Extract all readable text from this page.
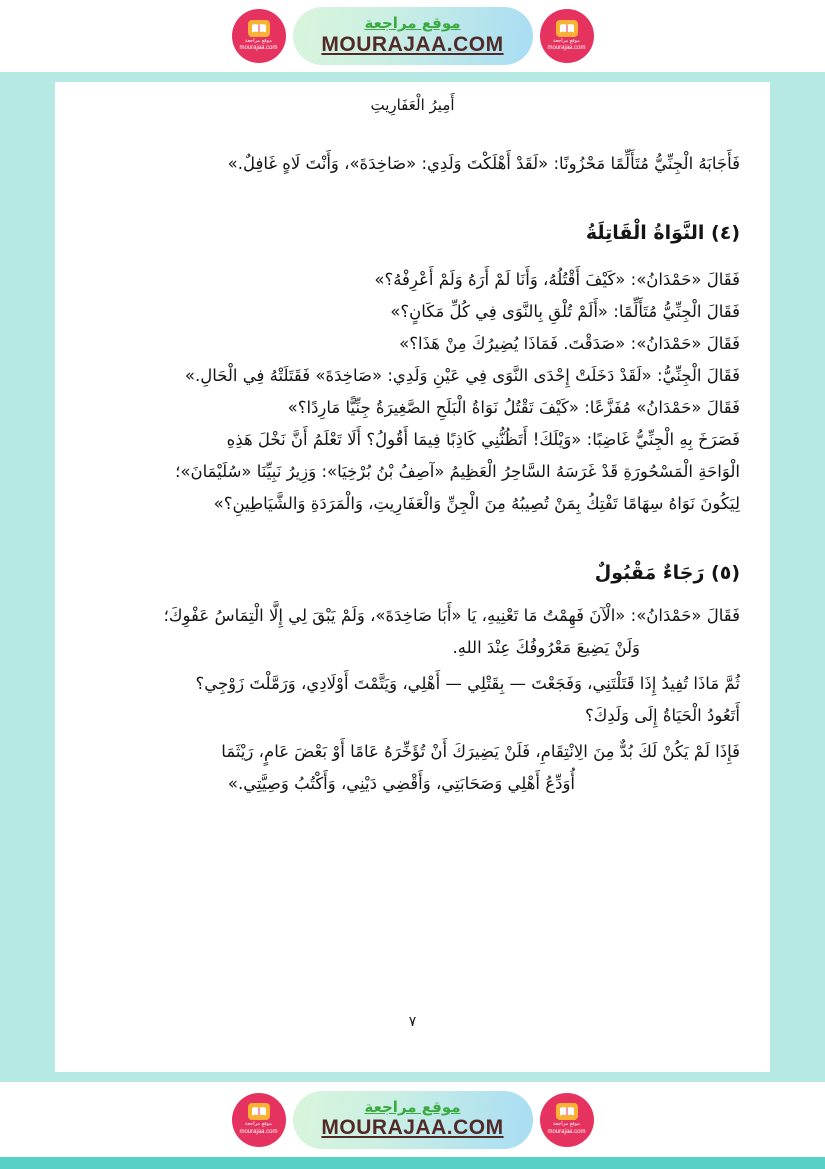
موقع مراجعة
mourajaa.com
موقع مراجعة
MOURAJAA.COM	موقع مراجعة
mourajaa.com
أَمِيرُ الْعَفَارِيتِ
فَأَجَابَهُ الْجِنِّيُّ مُتَأَلِّمًا مَحْزُونًا: «لَقَدْ أَهْلَكْتَ وَلَدِي: «صَاخِدَةَ»، وَأَنْتَ لَاهٍ غَافِلٌ.»
(٤) النَّوَاةُ الْقَاتِلَةُ
فَقَالَ «حَمْدَانُ»: «كَيْفَ أَقْتُلُهُ، وَأَنَا لَمْ أَرَهُ وَلَمْ أَعْرِفْهُ؟»
فَقَالَ الْجِنِّيُّ مُتَأَلِّمًا: «أَلَمْ تُلْقِ بِالنَّوَى فِي كُلِّ مَكَانٍ؟»
فَقَالَ «حَمْدَانُ»: «صَدَقْتَ. فَمَاذَا يُضِيرُكَ مِنْ هَذَا؟»
فَقَالَ الْجِنِّيُّ: «لَقَدْ دَخَلَتْ إِحْدَى النَّوَى فِي عَيْنِ وَلَدِي: «صَاخِدَةَ» فَقَتَلَتْهُ فِي الْحَالِ.»
فَقَالَ «حَمْدَانُ» مُفَزَّعًا: «كَيْفَ تَقْتُلُ نَوَاةُ الْبَلَحِ الصَّغِيرَةُ جِنِّيًّا مَارِدًا؟»
فَصَرَخَ بِهِ الْجِنِّيُّ غَاضِبًا: «وَيْلَكَ! أَتَظُنُّنِي كَاذِبًا فِيمَا أَقُولُ؟ أَلَا تَعْلَمُ أَنَّ نَخْلَ هَذِهِ
الْوَاحَةِ الْمَسْحُورَةِ قَدْ غَرَسَهُ السَّاحِرُ الْعَظِيمُ «آصِفُ بْنُ بُرْخِيَا»: وَزِيرُ نَبِيِّنَا «سُلَيْمَانَ»؛
لِيَكُونَ نَوَاهُ سِهَامًا تَفْتِكُ بِمَنْ تُصِيبُهُ مِنَ الْجِنِّ وَالْعَفَارِيتِ، وَالْمَرَدَةِ وَالشَّيَاطِينِ؟»
(٥) رَجَاءٌ مَقْبُولٌ
فَقَالَ «حَمْدَانُ»: «الْآنَ فَهِمْتُ مَا تَعْنِيهِ، يَا «أَبَا صَاخِدَةَ»، وَلَمْ يَبْقَ لِي إِلَّا الْتِمَاسُ عَفْوِكَ؛
وَلَنْ يَضِيعَ مَعْرُوفُكَ عِنْدَ اللهِ.
ثُمَّ مَاذَا تُفِيدُ إِذَا قَتَلْتَنِي، وَفَجَعْتَ — بِقَتْلِي — أَهْلِي، وَيَتَّمْتَ أَوْلَادِي، وَرَمَّلْتَ زَوْجِي؟
أَتَعُودُ الْحَيَاةُ إِلَى وَلَدِكَ؟
فَإِذَا لَمْ يَكُنْ لَكَ بُدٌّ مِنَ الِانْتِقَامِ، فَلَنْ يَضِيرَكَ أَنْ تُؤَخِّرَهُ عَامًا أَوْ بَعْضَ عَامٍ، رَيْثَمَا
أُوَدِّعُ أَهْلِي وَصَحَابَتِي، وَأَقْضِي دَيْنِي، وَأَكْتُبُ وَصِيَّتِي.»
٧
موقع مراجعة
mourajaa.com
موقع مراجعة
MOURAJAA.COM	موقع مراجعة
mourajaa.com
